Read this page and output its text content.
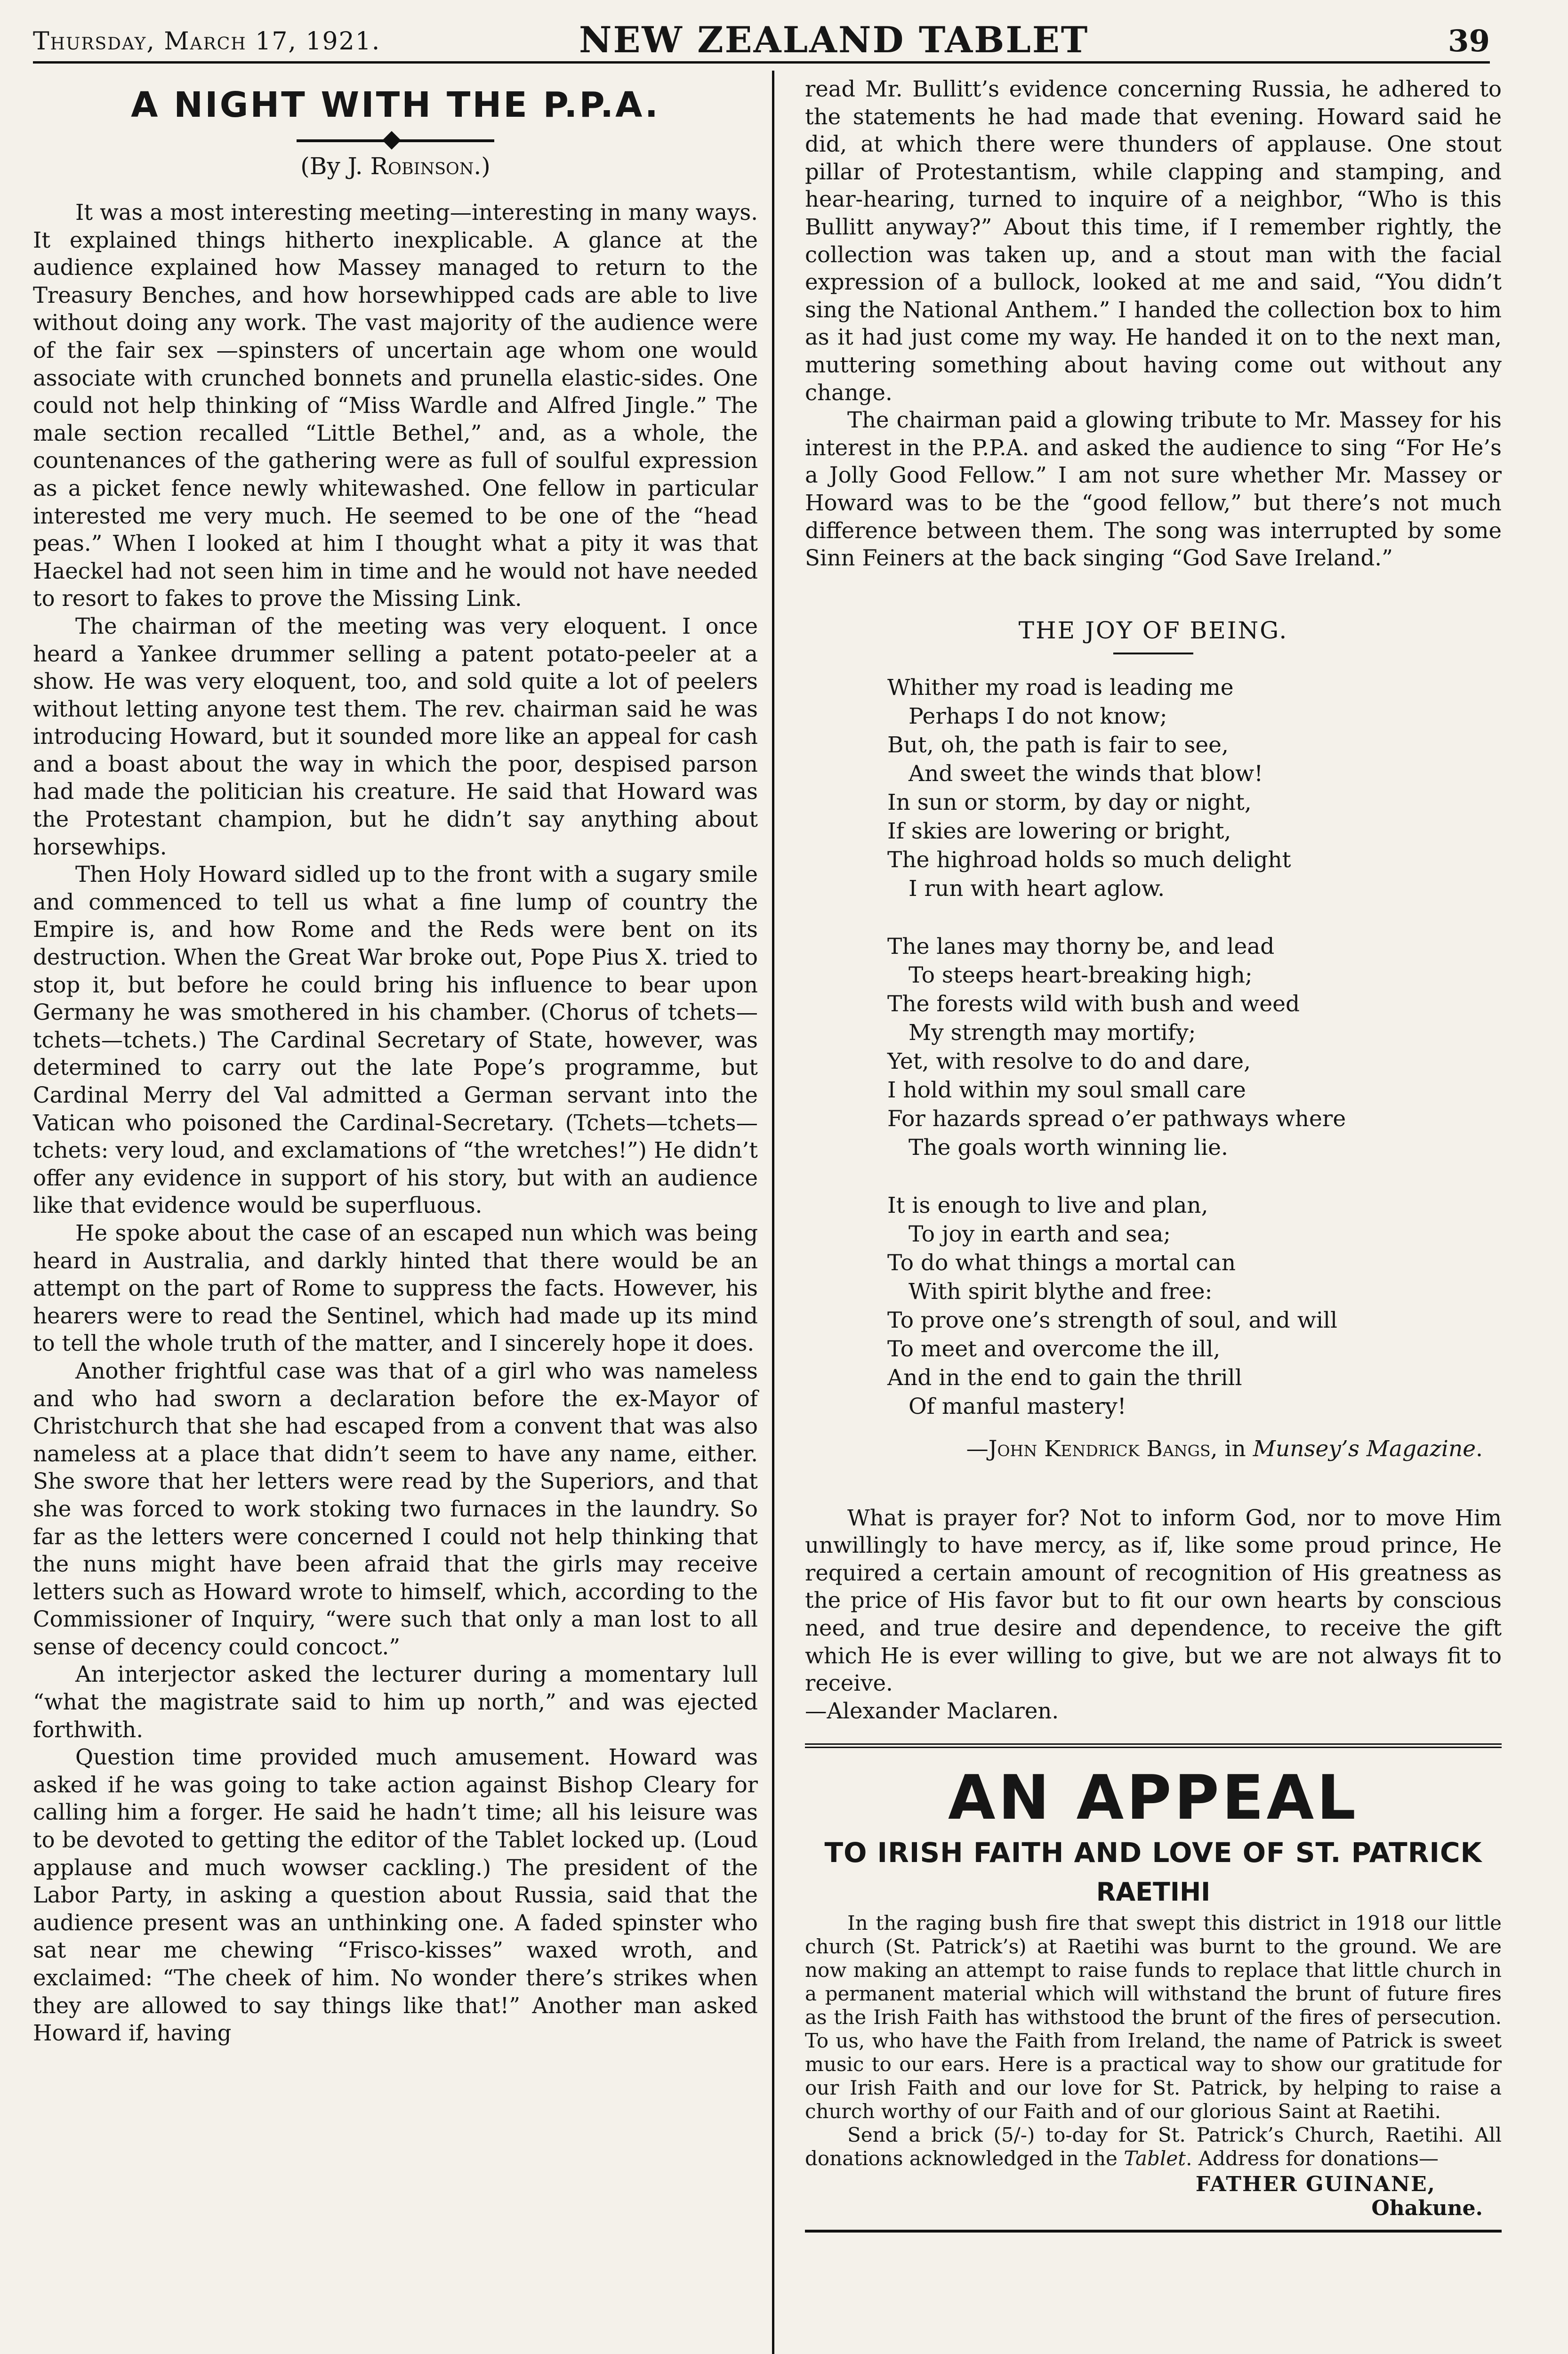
Thursday, March 17, 1921.	NEW ZEALAND TABLET	39
A NIGHT WITH THE P.P.A.
(By J. Robinson.)

It was a most interesting meeting—interesting in many ways. It explained things hitherto inexplicable. A glance at the audience explained how Massey managed to return to the Treasury Benches, and how horsewhipped cads are able to live without doing any work. The vast majority of the audience were of the fair sex —spinsters of uncertain age whom one would associate with crunched bonnets and prunella elastic-sides. One could not help thinking of “Miss Wardle and Alfred Jingle.” The male section recalled “Little Bethel,” and, as a whole, the countenances of the gathering were as full of soulful expression as a picket fence newly whitewashed. One fellow in particular interested me very much. He seemed to be one of the “head peas.” When I looked at him I thought what a pity it was that Haeckel had not seen him in time and he would not have needed to resort to fakes to prove the Missing Link.

The chairman of the meeting was very eloquent. I once heard a Yankee drummer selling a patent potato-peeler at a show. He was very eloquent, too, and sold quite a lot of peelers without letting anyone test them. The rev. chairman said he was introducing Howard, but it sounded more like an appeal for cash and a boast about the way in which the poor, despised parson had made the politician his creature. He said that Howard was the Protestant champion, but he didn’t say anything about horsewhips.

Then Holy Howard sidled up to the front with a sugary smile and commenced to tell us what a fine lump of country the Empire is, and how Rome and the Reds were bent on its destruction. When the Great War broke out, Pope Pius X. tried to stop it, but before he could bring his influence to bear upon Germany he was smothered in his chamber. (Chorus of tchets—tchets—tchets.) The Cardinal Secretary of State, however, was determined to carry out the late Pope’s programme, but Cardinal Merry del Val admitted a German servant into the Vatican who poisoned the Cardinal-Secretary. (Tchets—tchets—tchets: very loud, and exclamations of “the wretches!”) He didn’t offer any evidence in support of his story, but with an audience like that evidence would be superfluous.

He spoke about the case of an escaped nun which was being heard in Australia, and darkly hinted that there would be an attempt on the part of Rome to suppress the facts. However, his hearers were to read the Sentinel, which had made up its mind to tell the whole truth of the matter, and I sincerely hope it does.

Another frightful case was that of a girl who was nameless and who had sworn a declaration before the ex-Mayor of Christchurch that she had escaped from a convent that was also nameless at a place that didn’t seem to have any name, either. She swore that her letters were read by the Superiors, and that she was forced to work stoking two furnaces in the laundry. So far as the letters were concerned I could not help thinking that the nuns might have been afraid that the girls may receive letters such as Howard wrote to himself, which, according to the Commissioner of Inquiry, “were such that only a man lost to all sense of decency could concoct.”

An interjector asked the lecturer during a momentary lull “what the magistrate said to him up north,” and was ejected forthwith.

Question time provided much amusement. Howard was asked if he was going to take action against Bishop Cleary for calling him a forger. He said he hadn’t time; all his leisure was to be devoted to getting the editor of the Tablet locked up. (Loud applause and much wowser cackling.) The president of the Labor Party, in asking a question about Russia, said that the audience present was an unthinking one. A faded spinster who sat near me chewing “Frisco-kisses” waxed wroth, and exclaimed: “The cheek of him. No wonder there’s strikes when they are allowed to say things like that!” Another man asked Howard if, having

read Mr. Bullitt’s evidence concerning Russia, he adhered to the statements he had made that evening. Howard said he did, at which there were thunders of applause. One stout pillar of Protestantism, while clapping and stamping, and hear-hearing, turned to inquire of a neighbor, “Who is this Bullitt anyway?” About this time, if I remember rightly, the collection was taken up, and a stout man with the facial expression of a bullock, looked at me and said, “You didn’t sing the National Anthem.” I handed the collection box to him as it had just come my way. He handed it on to the next man, muttering something about having come out without any change.

The chairman paid a glowing tribute to Mr. Massey for his interest in the P.P.A. and asked the audience to sing “For He’s a Jolly Good Fellow.” I am not sure whether Mr. Massey or Howard was to be the “good fellow,” but there’s not much difference between them. The song was interrupted by some Sinn Feiners at the back singing “God Save Ireland.”

THE JOY OF BEING.
Whither my road is leading me
Perhaps I do not know;
But, oh, the path is fair to see,
And sweet the winds that blow!
In sun or storm, by day or night,
If skies are lowering or bright,
The highroad holds so much delight
I run with heart aglow.
The lanes may thorny be, and lead
To steeps heart-breaking high;
The forests wild with bush and weed
My strength may mortify;
Yet, with resolve to do and dare,
I hold within my soul small care
For hazards spread o’er pathways where
The goals worth winning lie.
It is enough to live and plan,
To joy in earth and sea;
To do what things a mortal can
With spirit blythe and free:
To prove one’s strength of soul, and will
To meet and overcome the ill,
And in the end to gain the thrill
Of manful mastery!
—John Kendrick Bangs, in Munsey’s Magazine.

What is prayer for? Not to inform God, nor to move Him unwillingly to have mercy, as if, like some proud prince, He required a certain amount of recognition of His greatness as the price of His favor but to fit our own hearts by conscious need, and true desire and dependence, to receive the gift which He is ever willing to give, but we are not always fit to receive.

—Alexander Maclaren.

AN APPEAL
TO IRISH FAITH AND LOVE OF ST. PATRICK
RAETIHI

In the raging bush fire that swept this district in 1918 our little church (St. Patrick’s) at Raetihi was burnt to the ground. We are now making an attempt to raise funds to replace that little church in a permanent material which will withstand the brunt of future fires as the Irish Faith has withstood the brunt of the fires of persecution. To us, who have the Faith from Ireland, the name of Patrick is sweet music to our ears. Here is a practical way to show our gratitude for our Irish Faith and our love for St. Patrick, by helping to raise a church worthy of our Faith and of our glorious Saint at Raetihi.

Send a brick (5/-) to-day for St. Patrick’s Church, Raetihi. All donations acknowledged in the Tablet. Address for donations—

FATHER GUINANE,
Ohakune.
